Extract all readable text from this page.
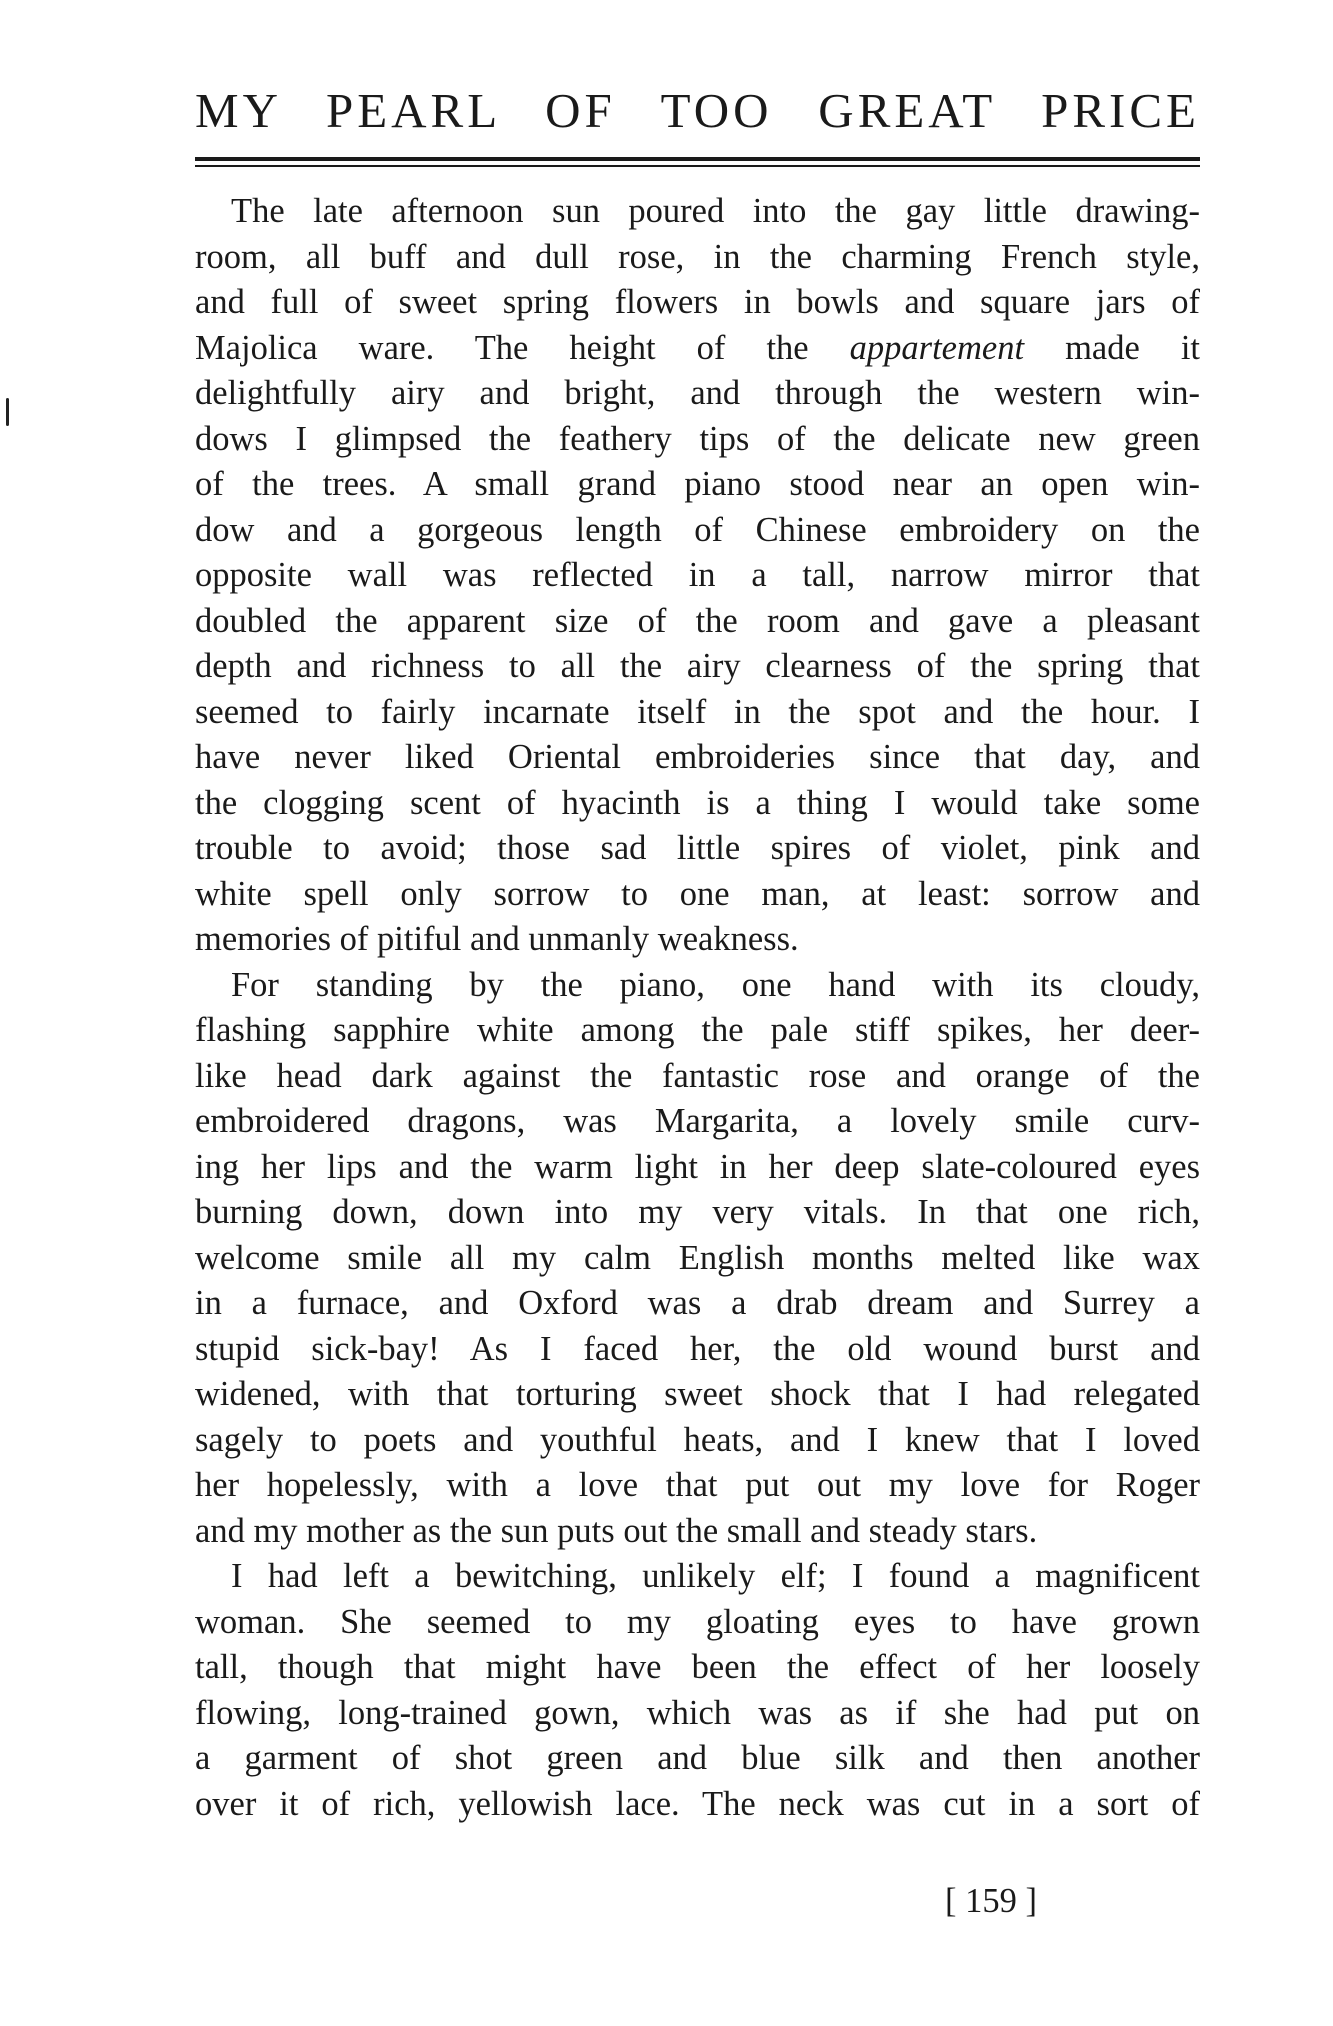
MY PEARL OF TOO GREAT PRICE
The late afternoon sun poured into the gay little drawing-
room, all buff and dull rose, in the charming French style,
and full of sweet spring flowers in bowls and square jars of
Majolica ware. The height of the appartement made it
delightfully airy and bright, and through the western win-
dows I glimpsed the feathery tips of the delicate new green
of the trees. A small grand piano stood near an open win-
dow and a gorgeous length of Chinese embroidery on the
opposite wall was reflected in a tall, narrow mirror that
doubled the apparent size of the room and gave a pleasant
depth and richness to all the airy clearness of the spring that
seemed to fairly incarnate itself in the spot and the hour. I
have never liked Oriental embroideries since that day, and
the clogging scent of hyacinth is a thing I would take some
trouble to avoid; those sad little spires of violet, pink and
white spell only sorrow to one man, at least: sorrow and
memories of pitiful and unmanly weakness.
For standing by the piano, one hand with its cloudy,
flashing sapphire white among the pale stiff spikes, her deer-
like head dark against the fantastic rose and orange of the
embroidered dragons, was Margarita, a lovely smile curv-
ing her lips and the warm light in her deep slate-coloured eyes
burning down, down into my very vitals. In that one rich,
welcome smile all my calm English months melted like wax
in a furnace, and Oxford was a drab dream and Surrey a
stupid sick-bay! As I faced her, the old wound burst and
widened, with that torturing sweet shock that I had relegated
sagely to poets and youthful heats, and I knew that I loved
her hopelessly, with a love that put out my love for Roger
and my mother as the sun puts out the small and steady stars.
I had left a bewitching, unlikely elf; I found a magnificent
woman. She seemed to my gloating eyes to have grown
tall, though that might have been the effect of her loosely
flowing, long-trained gown, which was as if she had put on
a garment of shot green and blue silk and then another
over it of rich, yellowish lace. The neck was cut in a sort of
[ 159 ]
